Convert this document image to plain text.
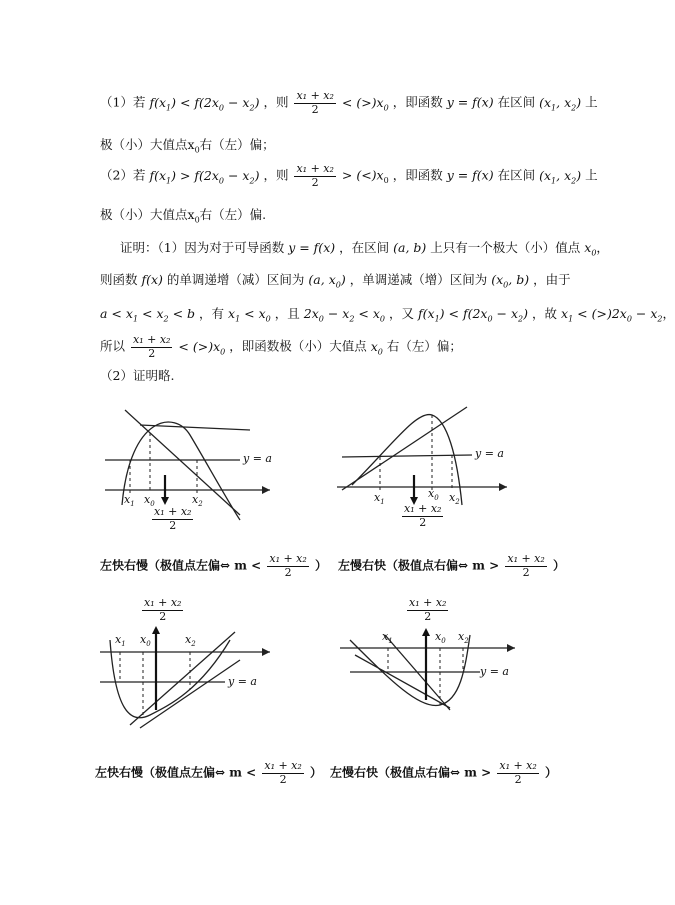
（1）若 $f(x_1) < f(2x_0 - x_2)$ ，则 $\frac{\text{x₁ + x₂}}{2} < (>)x_0$ ，即函数 y = f(x) 在区间 ($x_1$, $x_2$) 上
极（小）大值点$x_0$右（左）偏；
（2）若 $f(x_1) > f(2x_0 - x_2)$ ，则 $\frac{\text{x₁ + x₂}}{2} > (<)x_0$ ，即函数 y = f(x) 在区间 ($x_1$, $x_2$) 上
极（小）大值点$x_0$右（左）偏.
证明：（1）因为对于可导函数 y = f(x) ，在区间 (a, b) 上只有一个极大（小）值点 $x_0$，
则函数 f(x) 的单调递增（减）区间为 (a, $x_0$) ，单调递减（增）区间为 ($x_0$, b) ，由于
$a < x_1 < x_2 < b$ ，有 $x_1 < x_0$ ，且 $2x_0 - x_2 < x_0$ ，又 $f(x_1) < f(2x_0 - x_2)$ ，故 $x_1 < (>)2x_0 - x_2$，
所以 $\frac{\text{x₁ + x₂}}{2} < (>)x_0$ ，即函数极（小）大值点 $x_0$ 右（左）偏；
（2）证明略.
y = a
$x_1$ $x_0$	$x_2$
$\frac{\text{x₁ + x₂}}{2}$
y = a
$x_1$
$x_0$ $x_2$
$\frac{\text{x₁ + x₂}}{2}$
左快右慢（极值点左偏⇔ $m < \frac{\text{x₁ + x₂}}{2}$ ） 左慢右快（极值点右偏⇔ $m > \frac{\text{x₁ + x₂}}{2}$ ）
$\frac{\text{x₁ + x₂}}{2}$
$x_1$ $x_0$	$x_2$
y = a
$\frac{\text{x₁ + x₂}}{2}$
$x_1$	$x_0$ $x_2$
y = a
左快右慢（极值点左偏⇔ $m < \frac{\text{x₁ + x₂}}{2}$ ） 左慢右快（极值点右偏⇔ $m > \frac{\text{x₁ + x₂}}{2}$ ）
